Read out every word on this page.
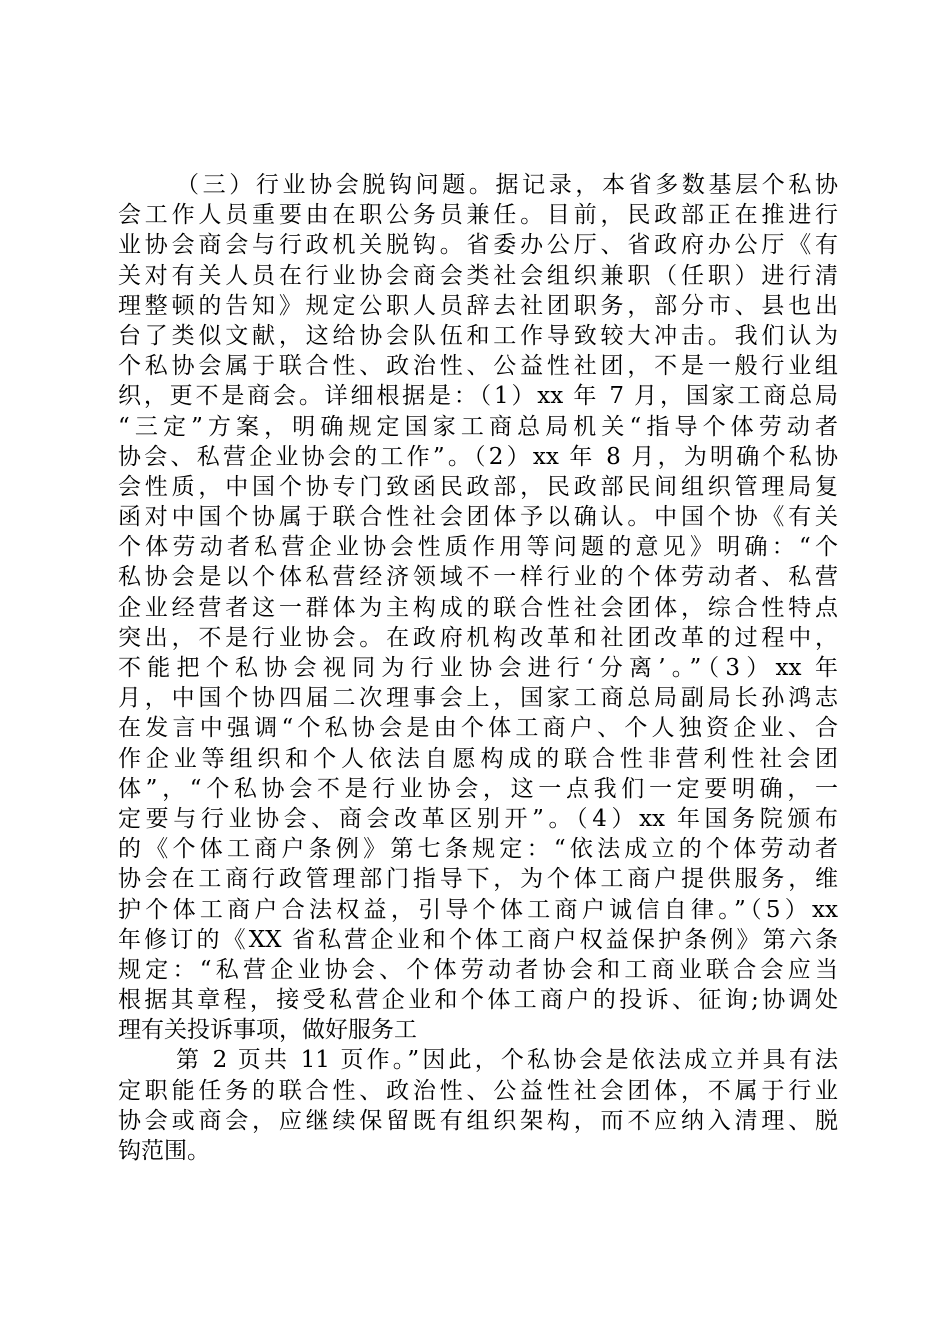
（三）行业协会脱钩问题。据记录，本省多数基层个私协
会工作人员重要由在职公务员兼任。目前，民政部正在推进行
业协会商会与行政机关脱钩。省委办公厅、省政府办公厅《有
关对有关人员在行业协会商会类社会组织兼职（任职）进行清
理整顿的告知》规定公职人员辞去社团职务，部分市、县也出
台了类似文献，这给协会队伍和工作导致较大冲击。我们认为
个私协会属于联合性、政治性、公益性社团，不是一般行业组
织，更不是商会。详细根据是：（1）xx 年 7 月，国家工商总局
“三定”方案，明确规定国家工商总局机关“指导个体劳动者
协会、私营企业协会的工作”。（2）xx 年 8 月，为明确个私协
会性质，中国个协专门致函民政部，民政部民间组织管理局复
函对中国个协属于联合性社会团体予以确认。中国个协《有关
个体劳动者私营企业协会性质作用等问题的意见》明确：“个
私协会是以个体私营经济领域不一样行业的个体劳动者、私营
企业经营者这一群体为主构成的联合性社会团体，综合性特点
突出，不是行业协会。在政府机构改革和社团改革的过程中，
不能把个私协会视同为行业协会进行‘分离’。”（3）xx 年
月，中国个协四届二次理事会上，国家工商总局副局长孙鸿志
在发言中强调“个私协会是由个体工商户、个人独资企业、合
作企业等组织和个人依法自愿构成的联合性非营利性社会团
体”，“个私协会不是行业协会，这一点我们一定要明确，一
定要与行业协会、商会改革区别开”。（4）xx 年国务院颁布
的《个体工商户条例》第七条规定：“依法成立的个体劳动者
协会在工商行政管理部门指导下，为个体工商户提供服务，维
护个体工商户合法权益，引导个体工商户诚信自律。”（5）xx
年修订的《XX 省私营企业和个体工商户权益保护条例》第六条
规定：“私营企业协会、个体劳动者协会和工商业联合会应当
根据其章程，接受私营企业和个体工商户的投诉、征询;协调处
理有关投诉事项，做好服务工
第 2 页共 11 页作。”因此，个私协会是依法成立并具有法
定职能任务的联合性、政治性、公益性社会团体，不属于行业
协会或商会，应继续保留既有组织架构，而不应纳入清理、脱
钩范围。
